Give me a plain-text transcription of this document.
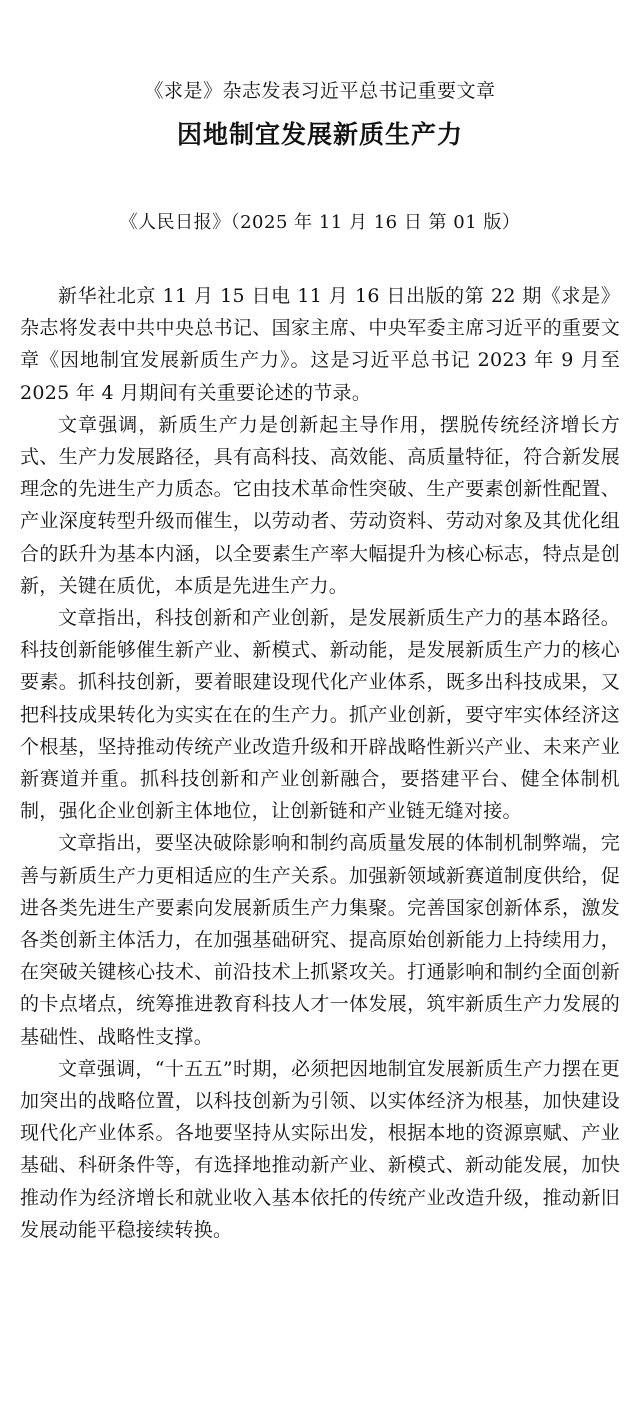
《求是》杂志发表习近平总书记重要文章
因地制宜发展新质生产力
《人民日报》（2025 年 11 月 16 日 第 01 版）

新华社北京 11 月 15 日电 11 月 16 日出版的第 22 期《求是》杂志将发表中共中央总书记、国家主席、中央军委主席习近平的重要文章《因地制宜发展新质生产力》。这是习近平总书记 2023 年 9 月至 2025 年 4 月期间有关重要论述的节录。

文章强调，新质生产力是创新起主导作用，摆脱传统经济增长方式、生产力发展路径，具有高科技、高效能、高质量特征，符合新发展理念的先进生产力质态。它由技术革命性突破、生产要素创新性配置、产业深度转型升级而催生，以劳动者、劳动资料、劳动对象及其优化组合的跃升为基本内涵，以全要素生产率大幅提升为核心标志，特点是创新，关键在质优，本质是先进生产力。

文章指出，科技创新和产业创新，是发展新质生产力的基本路径。科技创新能够催生新产业、新模式、新动能，是发展新质生产力的核心要素。抓科技创新，要着眼建设现代化产业体系，既多出科技成果，又把科技成果转化为实实在在的生产力。抓产业创新，要守牢实体经济这个根基，坚持推动传统产业改造升级和开辟战略性新兴产业、未来产业新赛道并重。抓科技创新和产业创新融合，要搭建平台、健全体制机制，强化企业创新主体地位，让创新链和产业链无缝对接。

文章指出，要坚决破除影响和制约高质量发展的体制机制弊端，完善与新质生产力更相适应的生产关系。加强新领域新赛道制度供给，促进各类先进生产要素向发展新质生产力集聚。完善国家创新体系，激发各类创新主体活力，在加强基础研究、提高原始创新能力上持续用力，在突破关键核心技术、前沿技术上抓紧攻关。打通影响和制约全面创新的卡点堵点，统筹推进教育科技人才一体发展，筑牢新质生产力发展的基础性、战略性支撑。

文章强调，“十五五”时期，必须把因地制宜发展新质生产力摆在更加突出的战略位置，以科技创新为引领、以实体经济为根基，加快建设现代化产业体系。各地要坚持从实际出发，根据本地的资源禀赋、产业基础、科研条件等，有选择地推动新产业、新模式、新动能发展，加快推动作为经济增长和就业收入基本依托的传统产业改造升级，推动新旧发展动能平稳接续转换。
